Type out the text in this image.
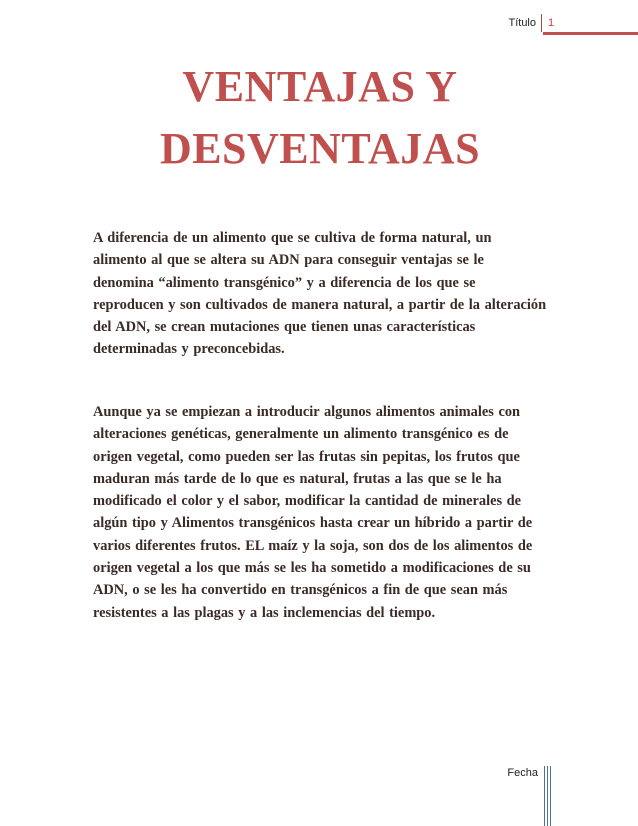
Título 1
VENTAJAS Y DESVENTAJAS

A diferencia de un alimento que se cultiva de forma natural, un alimento al que se altera su ADN para conseguir ventajas se le denomina “alimento transgénico” y a diferencia de los que se reproducen y son cultivados de manera natural, a partir de la alteración del ADN, se crean mutaciones que tienen unas características determinadas y preconcebidas.

Aunque ya se empiezan a introducir algunos alimentos animales con alteraciones genéticas, generalmente un alimento transgénico es de origen vegetal, como pueden ser las frutas sin pepitas, los frutos que maduran más tarde de lo que es natural, frutas a las que se le ha modificado el color y el sabor, modificar la cantidad de minerales de algún tipo y Alimentos transgénicos hasta crear un híbrido a partir de varios diferentes frutos. EL maíz y la soja, son dos de los alimentos de origen vegetal a los que más se les ha sometido a modificaciones de su ADN, o se les ha convertido en transgénicos a fin de que sean más resistentes a las plagas y a las inclemencias del tiempo.

Fecha
